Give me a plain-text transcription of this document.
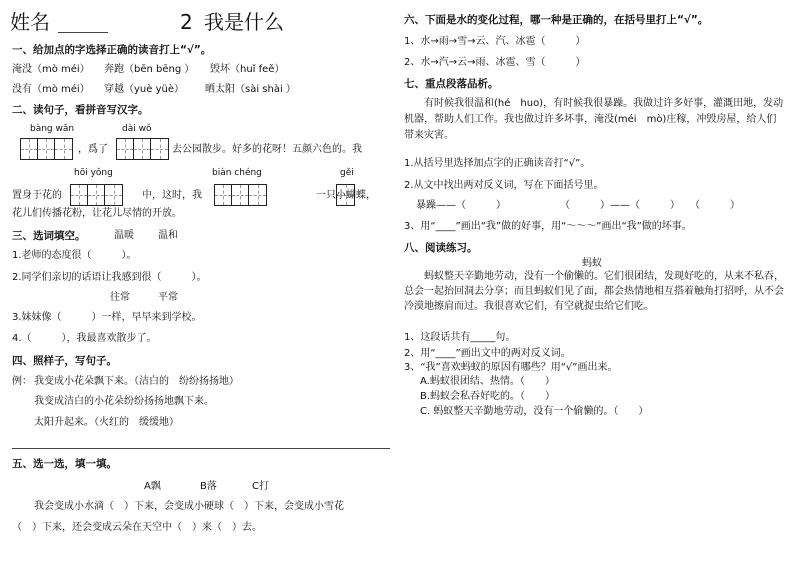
姓名	2 我是什么
一、给加点的字选择正确的读音打上“√”。
淹没（mò méi） 奔跑（bēn bēng ） 毁坏（huǐ feě）
没有（mò méi） 穿越（yuè yüè） 晒太阳（sài shài ）
二、读句子，看拼音写汉字。
bàng wǎn	dài wǒ
，爲了	去公园散步。好多的花呀！五颜六色的。我
hōi yǒng	biàn chéng	gěi
置身于花的	中，这时，我	一只小蝴蝶，
花儿们传播花粉，让花儿尽情的开放。
三、选词填空。	温暖 温和
1.老师的态度很（　　　）。
2.同学们亲切的话语让我感到很（　　　）。
往常	平常
3.妹妹像（　　　）一样，早早来到学校。
4.（　　　），我最喜欢散步了。
四、照样子，写句子。
例： 我变成小花朵飘下来。（洁白的　纷纷扬扬地）
我变成洁白的小花朵纷纷扬扬地飘下来。
太阳升起来。（火红的　缓缓地）
五、选一选，填一填。
A飘	B落	C打
我会变成小水滴（　）下来，会变成小硬球（　）下来，会变成小雪花
（　）下来，还会变成云朵在天空中（　）来（　）去。
六、下面是水的变化过程，哪一种是正确的，在括号里打上“√”。
1、水→雨→雪→云、汽、冰雹（　　　）
2、水→汽→云→雨、冰雹、雪（　　　）
七、重点段落品析。
有时候我很温和(hé　huo)，有时候我很暴躁。我做过许多好事，灌溉田地，发动机器，帮助人们工作。我也做过许多坏事，淹没(méi　mò)庄稼，冲毁房屋，给人们带来灾害。
1.从括号里选择加点字的正确读音打“√”。
2.从文中找出两对反义词，写在下面括号里。
暴躁——（　　　）	（　　　）——（　　　） （　　　）
3、用“____”画出“我”做的好事，用“～～～”画出“我”做的坏事。
八、阅读练习。
蚂蚁
蚂蚁整天辛勤地劳动，没有一个偷懒的。它们很团结，发现好吃的，从来不私吞，总会一起抬回洞去分享；而且蚂蚁们见了面，都会热情地相互搭着触角打招呼，从不会冷漠地擦肩而过。我很喜欢它们，有空就捉虫给它们吃。
1、这段话共有_____句。
2、用“____”画出文中的两对反义词。
3、“我”喜欢蚂蚁的原因有哪些？用“√”画出来。
A.蚂蚁很团结、热情。（　　）
B.蚂蚁会私吞好吃的。（　　）
C. 蚂蚁整天辛勤地劳动，没有一个偷懒的。（　　）
